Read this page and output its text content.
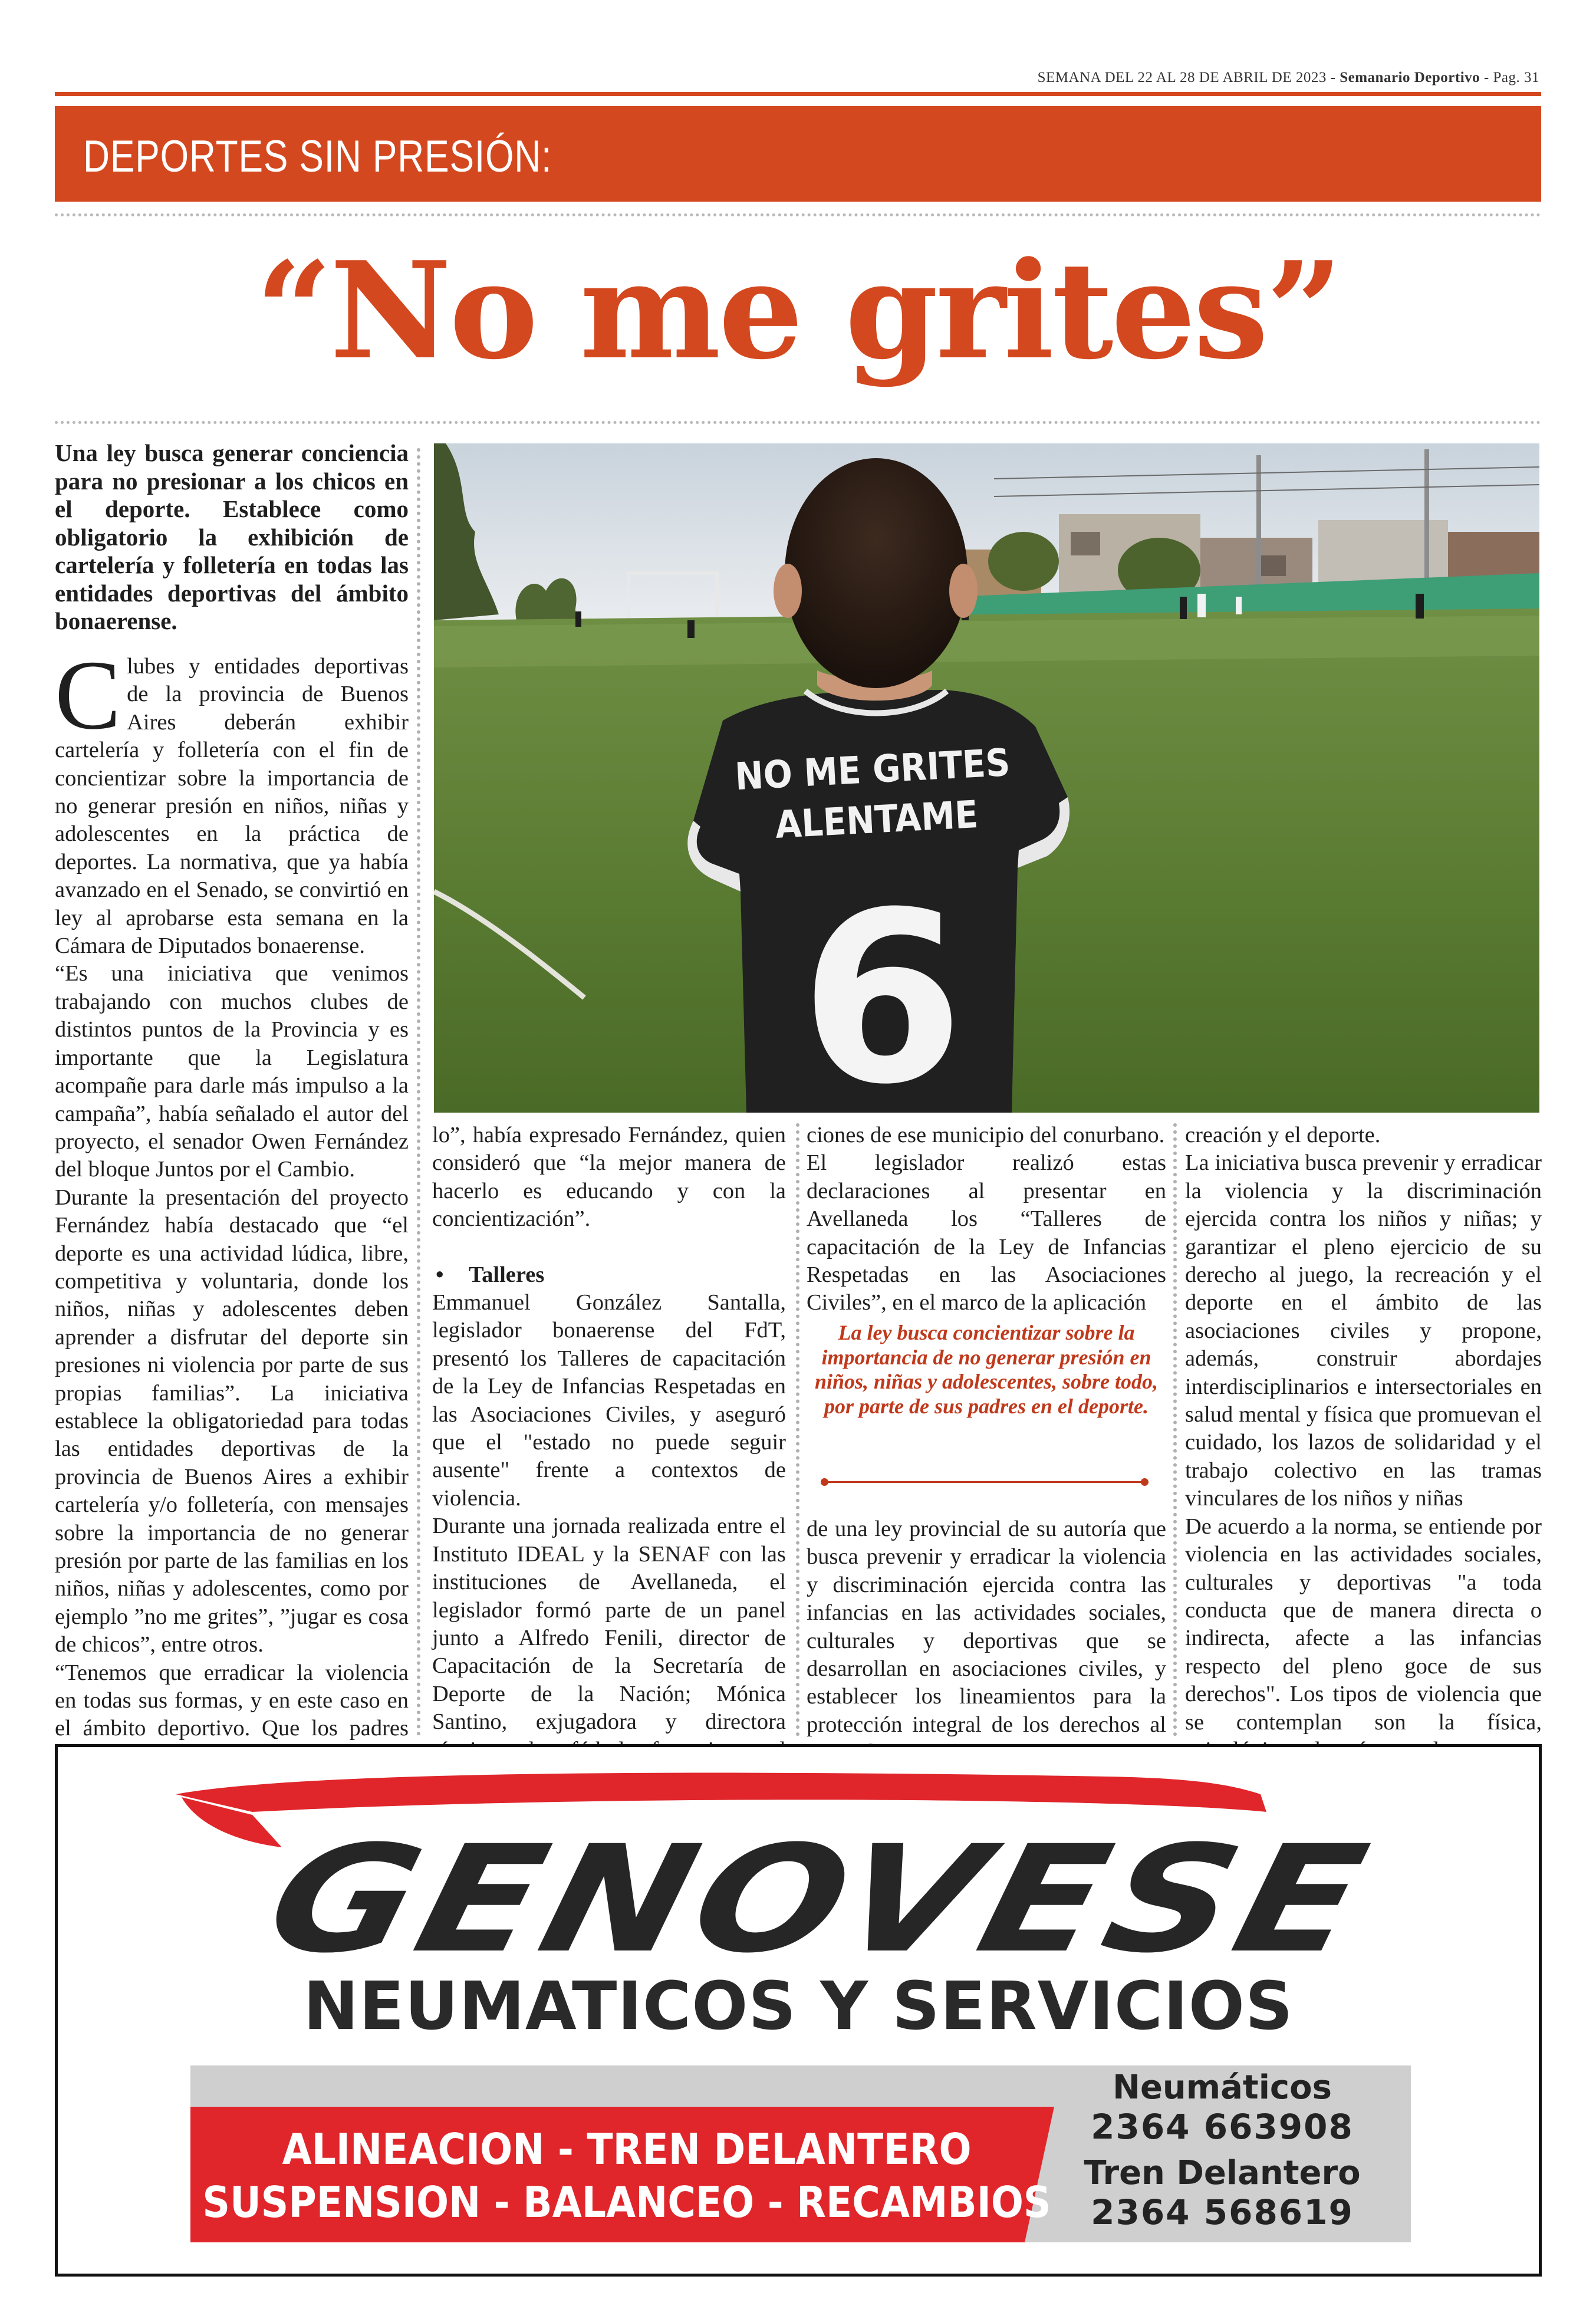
SEMANA DEL 22 AL 28 DE ABRIL DE 2023 - Semanario Deportivo - Pag. 31
DEPORTES SIN PRESIÓN:
“No me grites”
Una ley busca generar conciencia para no presionar a los chicos en el deporte. Establece como obligatorio la exhibición de cartelería y folletería en todas las entidades deportivas del ámbito bonaerense.

Clubes y entidades deportivas de la provincia de Buenos Aires deberán exhibir cartelería y folletería con el fin de concientizar sobre la importancia de no generar presión en niños, niñas y adolescentes en la práctica de deportes. La normativa, que ya había avanzado en el Senado, se convirtió en ley al aprobarse esta semana en la Cámara de Diputados bonaerense.

“Es una iniciativa que venimos trabajando con muchos clubes de distintos puntos de la Provincia y es importante que la Legislatura acompañe para darle más impulso a la campaña”, había señalado el autor del proyecto, el senador Owen Fernández del bloque Juntos por el Cambio.

Durante la presentación del proyecto Fernández había destacado que “el deporte es una actividad lúdica, libre, competitiva y voluntaria, donde los niños, niñas y adolescentes deben aprender a disfrutar del deporte sin presiones ni violencia por parte de sus propias familias”. La iniciativa establece la obligatoriedad para todas las entidades deportivas de la provincia de Buenos Aires a exhibir cartelería y/o folletería, con mensajes sobre la importancia de no generar presión por parte de las familias en los niños, niñas y adolescentes, como por ejemplo ”no me grites”, ”jugar es cosa de chicos”, entre otros.

“Tenemos que erradicar la violencia en todas sus formas, y en este caso en el ámbito deportivo. Que los padres

NO ME GRITES
ALENTAME
6

lo”, había expresado Fernández, quien consideró que “la mejor manera de hacerlo es educando y con la concientización”.

• Talleres

Emmanuel González Santalla, legislador bonaerense del FdT, presentó los Talleres de capacitación de la Ley de Infancias Respetadas en las Asociaciones Civiles, y aseguró que el "estado no puede seguir ausente" frente a contextos de violencia.

Durante una jornada realizada entre el Instituto IDEAL y la SENAF con las instituciones de Avellaneda, el legislador formó parte de un panel junto a Alfredo Fenili, director de Capacitación de la Secretaría de Deporte de la Nación; Mónica Santino, exjugadora y directora

ciones de ese municipio del conurbano.

El legislador realizó estas declaraciones al presentar en Avellaneda los “Talleres de capacitación de la Ley de Infancias Respetadas en las Asociaciones Civiles”, en el marco de la aplicación

La ley busca concientizar sobre la importancia de no generar presión en niños, niñas y adolescentes, sobre todo, por parte de sus padres en el deporte.

de una ley provincial de su autoría que busca prevenir y erradicar la violencia y discriminación ejercida contra las infancias en las actividades sociales, culturales y deportivas que se desarrollan en asociaciones civiles, y establecer los lineamientos para la protección integral de los derechos al

creación y el deporte.

La iniciativa busca prevenir y erradicar la violencia y la discriminación ejercida contra los niños y niñas; y garantizar el pleno ejercicio de su derecho al juego, la recreación y el deporte en el ámbito de las asociaciones civiles y propone, además, construir abordajes interdisciplinarios e intersectoriales en salud mental y física que promuevan el cuidado, los lazos de solidaridad y el trabajo colectivo en las tramas vinculares de los niños y niñas

De acuerdo a la norma, se entiende por violencia en las actividades sociales, culturales y deportivas "a toda conducta que de manera directa o indirecta, afecte a las infancias respecto del pleno goce de sus derechos". Los tipos de violencia que se contemplan son la física,

GENOVESE
NEUMATICOS Y SERVICIOS
ALINEACION - TREN DELANTERO
SUSPENSION - BALANCEO - RECAMBIOS
Neumáticos
2364 663908
Tren Delantero
2364 568619
